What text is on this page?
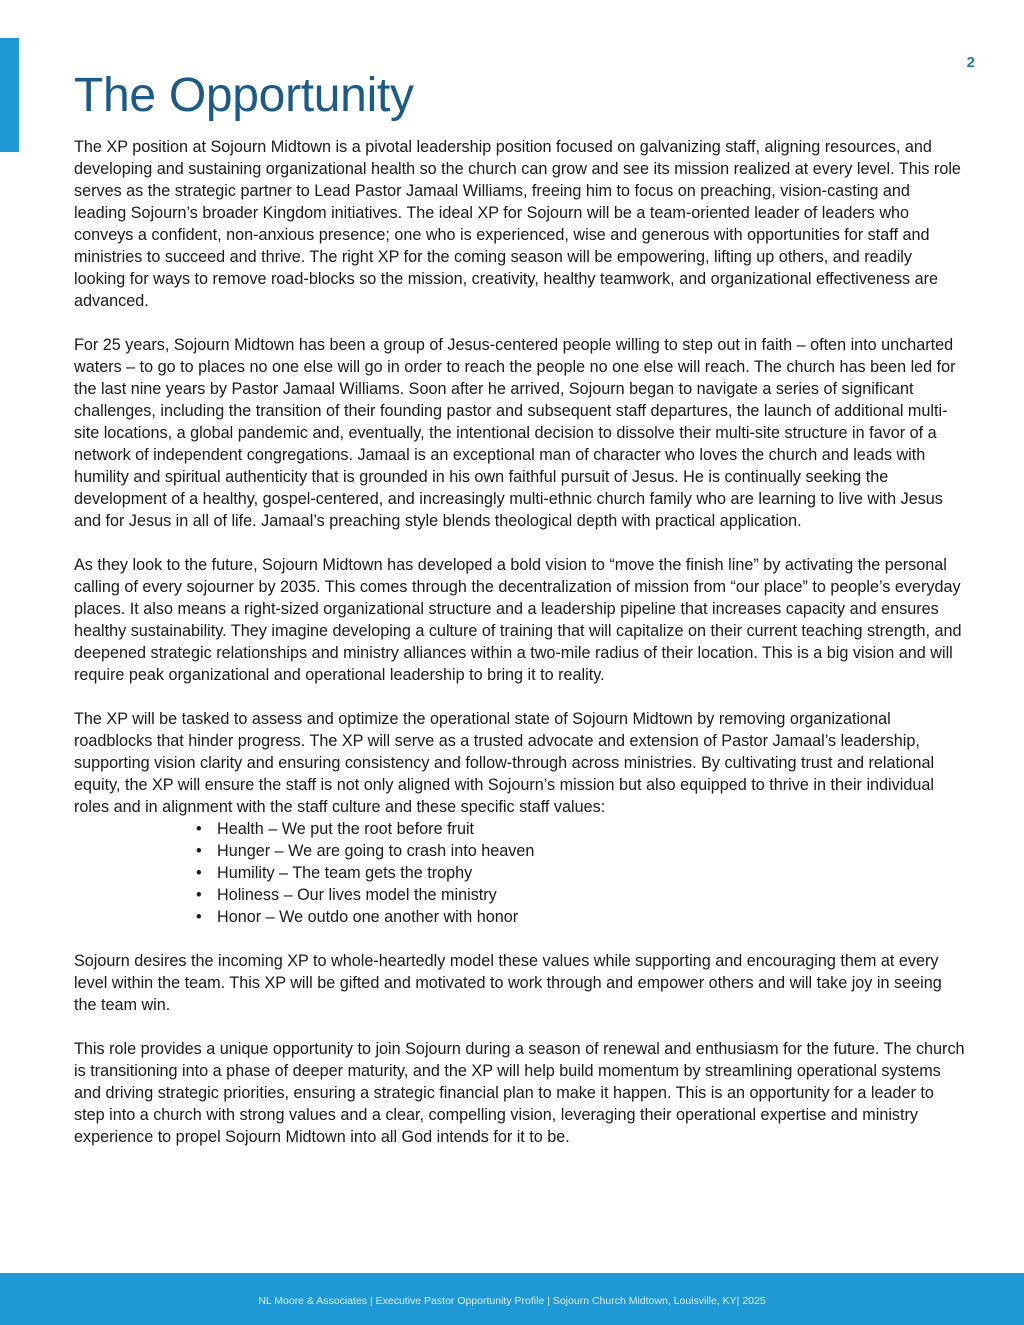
2
The Opportunity

The XP position at Sojourn Midtown is a pivotal leadership position focused on galvanizing staff, aligning resources, and developing and sustaining organizational health so the church can grow and see its mission realized at every level. This role serves as the strategic partner to Lead Pastor Jamaal Williams, freeing him to focus on preaching, vision-casting and leading Sojourn’s broader Kingdom initiatives. The ideal XP for Sojourn will be a team-oriented leader of leaders who conveys a confident, non-anxious presence; one who is experienced, wise and generous with opportunities for staff and ministries to succeed and thrive. The right XP for the coming season will be empowering, lifting up others, and readily looking for ways to remove road-blocks so the mission, creativity, healthy teamwork, and organizational effectiveness are advanced.

For 25 years, Sojourn Midtown has been a group of Jesus-centered people willing to step out in faith – often into uncharted waters – to go to places no one else will go in order to reach the people no one else will reach. The church has been led for the last nine years by Pastor Jamaal Williams. Soon after he arrived, Sojourn began to navigate a series of significant challenges, including the transition of their founding pastor and subsequent staff departures, the launch of additional multi-site locations, a global pandemic and, eventually, the intentional decision to dissolve their multi-site structure in favor of a network of independent congregations. Jamaal is an exceptional man of character who loves the church and leads with humility and spiritual authenticity that is grounded in his own faithful pursuit of Jesus. He is continually seeking the development of a healthy, gospel-centered, and increasingly multi-ethnic church family who are learning to live with Jesus and for Jesus in all of life. Jamaal’s preaching style blends theological depth with practical application.

As they look to the future, Sojourn Midtown has developed a bold vision to “move the finish line” by activating the personal calling of every sojourner by 2035. This comes through the decentralization of mission from “our place” to people’s everyday places. It also means a right-sized organizational structure and a leadership pipeline that increases capacity and ensures healthy sustainability. They imagine developing a culture of training that will capitalize on their current teaching strength, and deepened strategic relationships and ministry alliances within a two-mile radius of their location. This is a big vision and will require peak organizational and operational leadership to bring it to reality.

The XP will be tasked to assess and optimize the operational state of Sojourn Midtown by removing organizational roadblocks that hinder progress. The XP will serve as a trusted advocate and extension of Pastor Jamaal’s leadership, supporting vision clarity and ensuring consistency and follow-through across ministries. By cultivating trust and relational equity, the XP will ensure the staff is not only aligned with Sojourn’s mission but also equipped to thrive in their individual roles and in alignment with the staff culture and these specific staff values:

• Health – We put the root before fruit
• Hunger – We are going to crash into heaven
• Humility – The team gets the trophy
• Holiness – Our lives model the ministry
• Honor – We outdo one another with honor

Sojourn desires the incoming XP to whole-heartedly model these values while supporting and encouraging them at every level within the team. This XP will be gifted and motivated to work through and empower others and will take joy in seeing the team win.

This role provides a unique opportunity to join Sojourn during a season of renewal and enthusiasm for the future. The church is transitioning into a phase of deeper maturity, and the XP will help build momentum by streamlining operational systems and driving strategic priorities, ensuring a strategic financial plan to make it happen. This is an opportunity for a leader to step into a church with strong values and a clear, compelling vision, leveraging their operational expertise and ministry experience to propel Sojourn Midtown into all God intends for it to be.

NL Moore & Associates | Executive Pastor Opportunity Profile | Sojourn Church Midtown, Louisville, KY| 2025
